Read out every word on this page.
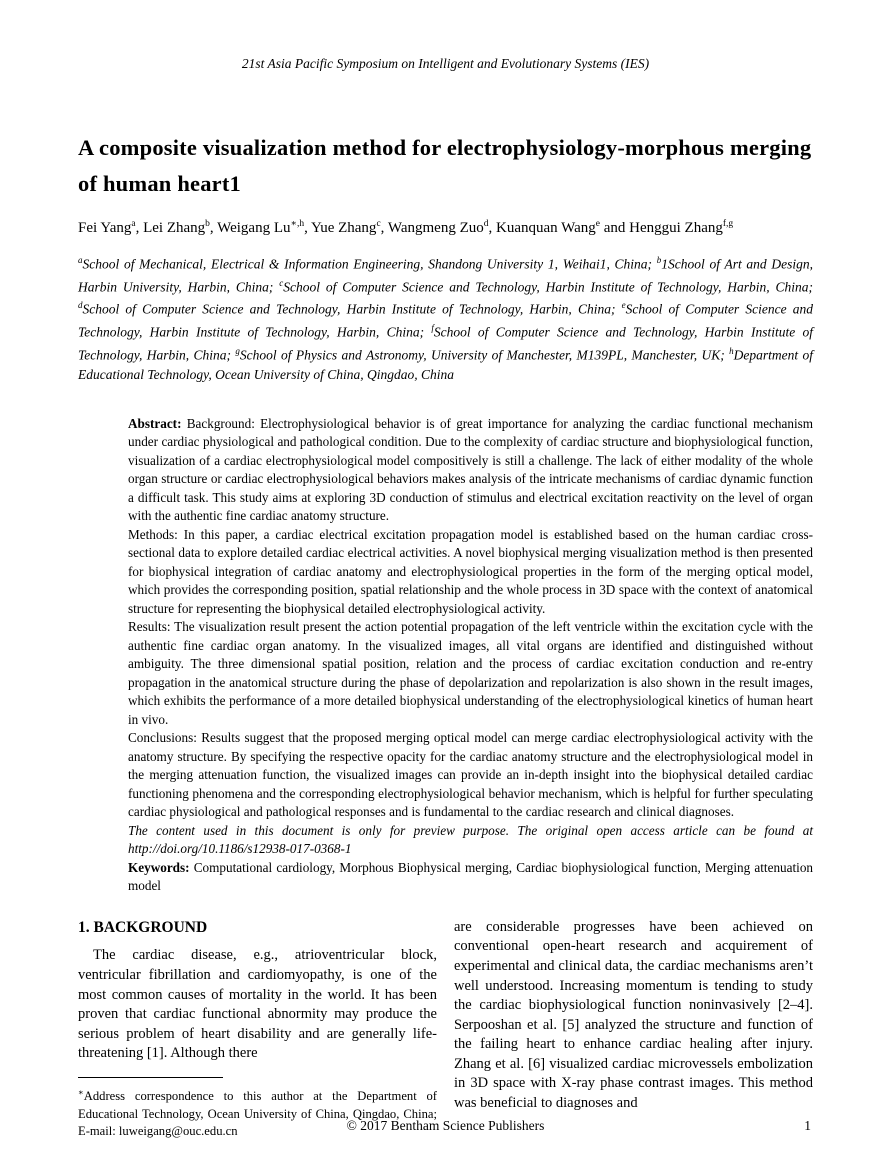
21st Asia Pacific Symposium on Intelligent and Evolutionary Systems (IES)
A composite visualization method for electrophysiology-morphous merging of human heart1
Fei Yang$^a$, Lei Zhang$^b$, Weigang $Lu^{∗,h}$, Yue Zhang$^c$, Wangmeng Zuo$^d$, Kuanquan Wang$^e$ and Henggui Zhang$^{f,g}$
$^a$School of Mechanical, Electrical & Information Engineering, Shandong University 1, Weihai1, China; $^b$1School of Art and Design, Harbin University, Harbin, China; $^c$School of Computer Science and Technology, Harbin Institute of Technology, Harbin, China; $^d$School of Computer Science and Technology, Harbin Institute of Technology, Harbin, China; $^e$School of Computer Science and Technology, Harbin Institute of Technology, Harbin, China; $^f$School of Computer Science and Technology, Harbin Institute of Technology, Harbin, China; $^g$School of Physics and Astronomy, University of Manchester, M139PL, Manchester, UK; $^h$Department of Educational Technology, Ocean University of China, Qingdao, China

Abstract: Background: Electrophysiological behavior is of great importance for analyzing the cardiac functional mechanism under cardiac physiological and pathological condition. Due to the complexity of cardiac structure and biophysiological function, visualization of a cardiac electrophysiological model compositively is still a challenge. The lack of either modality of the whole organ structure or cardiac electrophysiological behaviors makes analysis of the intricate mechanisms of cardiac dynamic function a difficult task. This study aims at exploring 3D conduction of stimulus and electrical excitation reactivity on the level of organ with the authentic fine cardiac anatomy structure.

Methods: In this paper, a cardiac electrical excitation propagation model is established based on the human cardiac cross-sectional data to explore detailed cardiac electrical activities. A novel biophysical merging visualization method is then presented for biophysical integration of cardiac anatomy and electrophysiological properties in the form of the merging optical model, which provides the corresponding position, spatial relationship and the whole process in 3D space with the context of anatomical structure for representing the biophysical detailed electrophysiological activity.

Results: The visualization result present the action potential propagation of the left ventricle within the excitation cycle with the authentic fine cardiac organ anatomy. In the visualized images, all vital organs are identified and distinguished without ambiguity. The three dimensional spatial position, relation and the process of cardiac excitation conduction and re-entry propagation in the anatomical structure during the phase of depolarization and repolarization is also shown in the result images, which exhibits the performance of a more detailed biophysical understanding of the electrophysiological kinetics of human heart in vivo.

Conclusions: Results suggest that the proposed merging optical model can merge cardiac electrophysiological activity with the anatomy structure. By specifying the respective opacity for the cardiac anatomy structure and the electrophysiological model in the merging attenuation function, the visualized images can provide an in-depth insight into the biophysical detailed cardiac functioning phenomena and the corresponding electrophysiological behavior mechanism, which is helpful for further speculating cardiac physiological and pathological responses and is fundamental to the cardiac research and clinical diagnoses.

The content used in this document is only for preview purpose. The original open access article can be found at http://doi.org/10.1186/s12938-017-0368-1

Keywords: Computational cardiology, Morphous Biophysical merging, Cardiac biophysiological function, Merging attenuation model

1. BACKGROUND

The cardiac disease, e.g., atrioventricular block, ventricular fibrillation and cardiomyopathy, is one of the most common causes of mortality in the world. It has been proven that cardiac functional abnormity may produce the serious problem of heart disability and are generally life-threatening [1]. Although there

∗Address correspondence to this author at the Department of Educational Technology, Ocean University of China, Qingdao, China; E-mail: luweigang@ouc.edu.cn

are considerable progresses have been achieved on conventional open-heart research and acquirement of experimental and clinical data, the cardiac mechanisms aren’t well understood. Increasing momentum is tending to study the cardiac biophysiological function noninvasively [2–4]. Serpooshan et al. [5] analyzed the structure and function of the failing heart to enhance cardiac healing after injury. Zhang et al. [6] visualized cardiac microvessels embolization in 3D space with X-ray phase contrast images. This method was beneficial to diagnoses and

© 2017 Bentham Science Publishers	1
